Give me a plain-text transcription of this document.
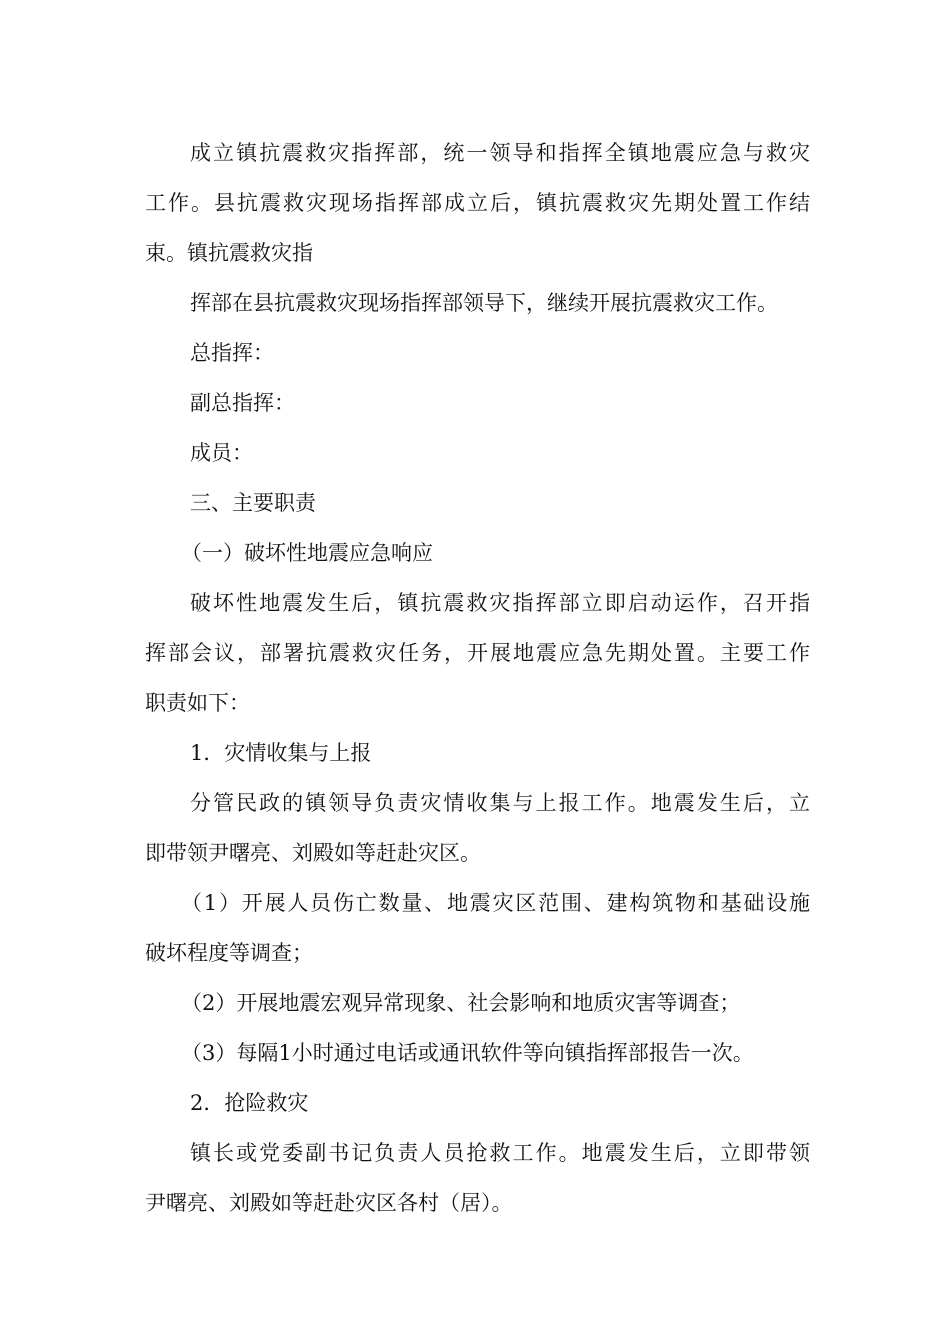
成立镇抗震救灾指挥部，统一领导和指挥全镇地震应急与救灾
工作。县抗震救灾现场指挥部成立后，镇抗震救灾先期处置工作结
束。镇抗震救灾指
挥部在县抗震救灾现场指挥部领导下，继续开展抗震救灾工作。
总指挥：
副总指挥：
成员：
三、主要职责
（一）破坏性地震应急响应
破坏性地震发生后，镇抗震救灾指挥部立即启动运作，召开指
挥部会议，部署抗震救灾任务，开展地震应急先期处置。主要工作
职责如下：
1．灾情收集与上报
分管民政的镇领导负责灾情收集与上报工作。地震发生后，立
即带领尹曙亮、刘殿如等赶赴灾区。
（1）开展人员伤亡数量、地震灾区范围、建构筑物和基础设施
破坏程度等调查；
（2）开展地震宏观异常现象、社会影响和地质灾害等调查；
（3）每隔1小时通过电话或通讯软件等向镇指挥部报告一次。
2．抢险救灾
镇长或党委副书记负责人员抢救工作。地震发生后，立即带领
尹曙亮、刘殿如等赶赴灾区各村（居）。
